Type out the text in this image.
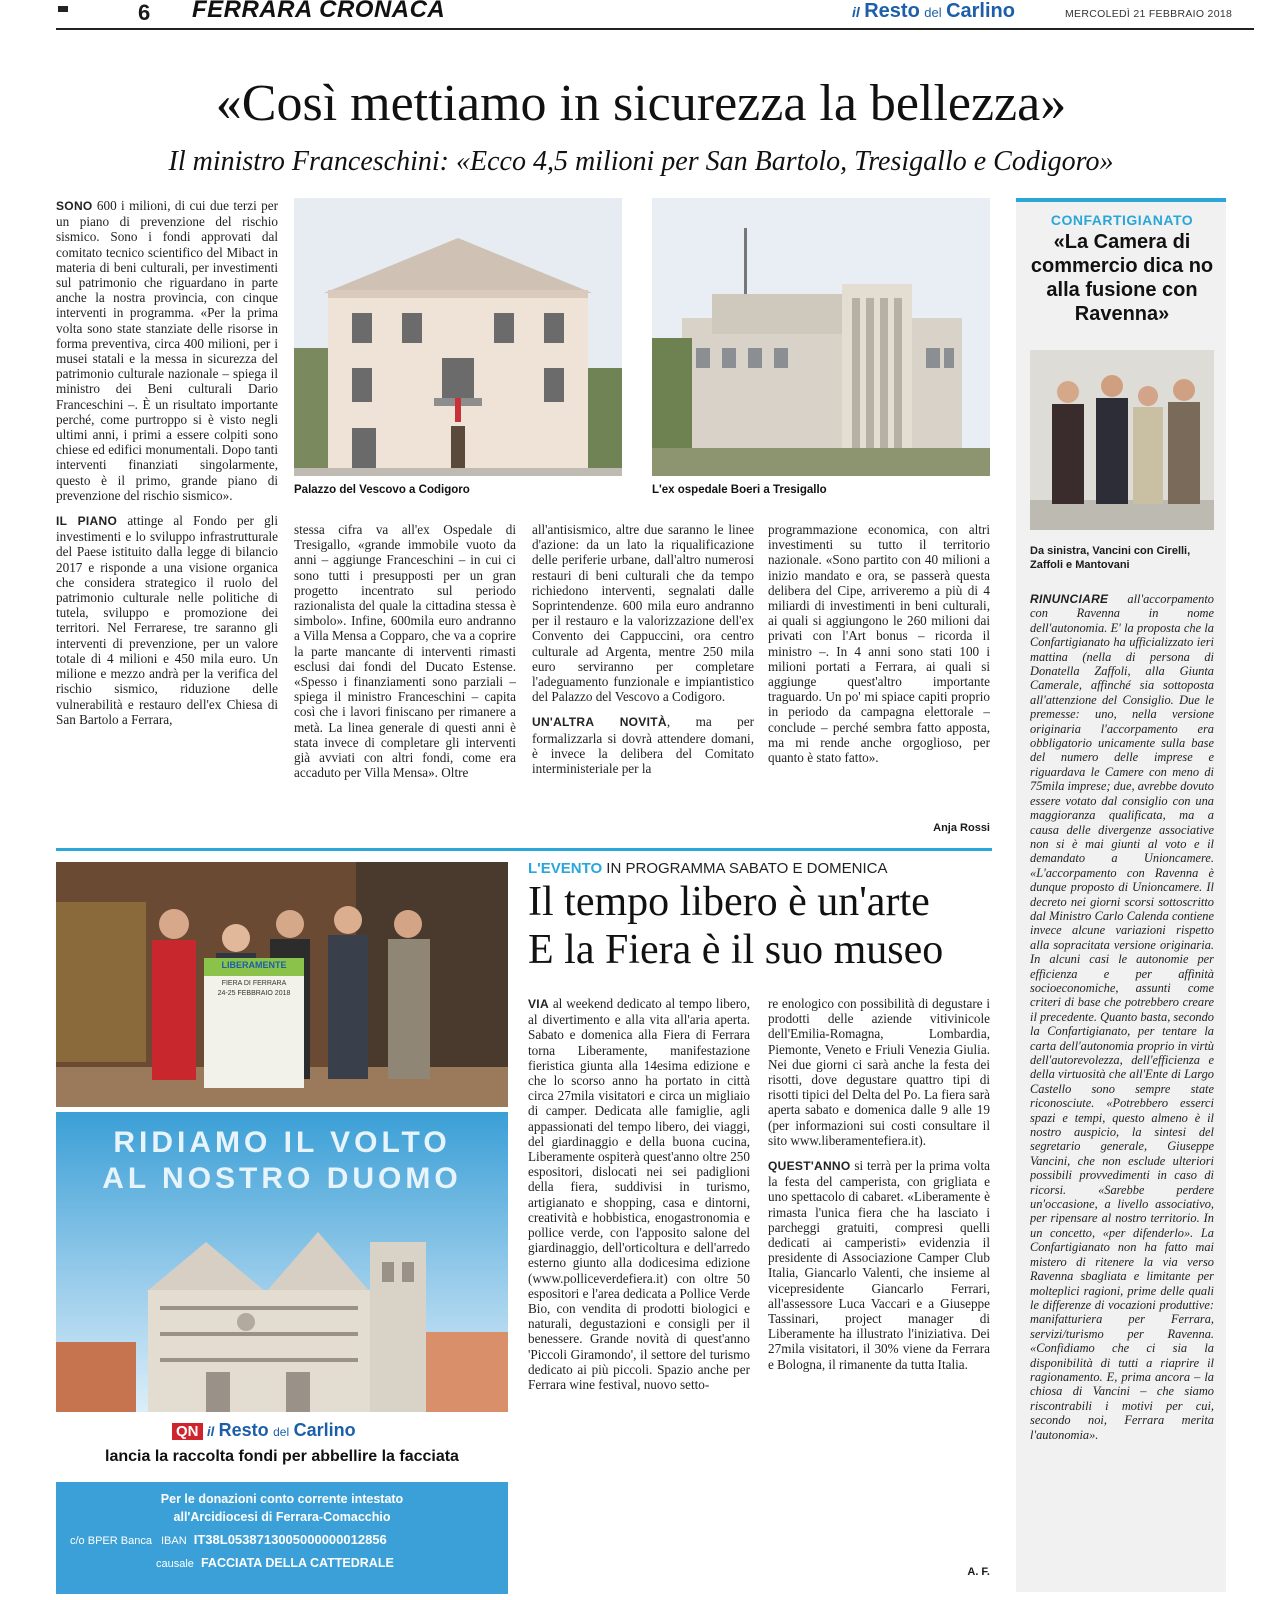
6 FERRARA CRONACA	il Resto del Carlino	MERCOLEDÌ 21 FEBBRAIO 2018
«Così mettiamo in sicurezza la bellezza»
Il ministro Franceschini: «Ecco 4,5 milioni per San Bartolo, Tresigallo e Codigoro»

SONO 600 i milioni, di cui due terzi per un piano di prevenzione del rischio sismico. Sono i fondi approvati dal comitato tecnico scientifico del Mibact in materia di beni culturali, per investimenti sul patrimonio che riguardano in parte anche la nostra provincia, con cinque interventi in programma. «Per la prima volta sono state stanziate delle risorse in forma preventiva, circa 400 milioni, per i musei statali e la messa in sicurezza del patrimonio culturale nazionale – spiega il ministro dei Beni culturali Dario Franceschini –. È un risultato importante perché, come purtroppo si è visto negli ultimi anni, i primi a essere colpiti sono chiese ed edifici monumentali. Dopo tanti interventi finanziati singolarmente, questo è il primo, grande piano di prevenzione del rischio sismico».

IL PIANO attinge al Fondo per gli investimenti e lo sviluppo infrastrutturale del Paese istituito dalla legge di bilancio 2017 e risponde a una visione organica che considera strategico il ruolo del patrimonio culturale nelle politiche di tutela, sviluppo e promozione dei territori. Nel Ferrarese, tre saranno gli interventi di prevenzione, per un valore totale di 4 milioni e 450 mila euro. Un milione e mezzo andrà per la verifica del rischio sismico, riduzione delle vulnerabilità e restauro dell'ex Chiesa di San Bartolo a Ferrara,

Palazzo del Vescovo a Codigoro	L'ex ospedale Boeri a Tresigallo

stessa cifra va all'ex Ospedale di Tresigallo, «grande immobile vuoto da anni – aggiunge Franceschini – in cui ci sono tutti i presupposti per un gran progetto incentrato sul periodo razionalista del quale la cittadina stessa è simbolo». Infine, 600mila euro andranno a Villa Mensa a Copparo, che va a coprire la parte mancante di interventi rimasti esclusi dai fondi del Ducato Estense. «Spesso i finanziamenti sono parziali – spiega il ministro Franceschini – capita così che i lavori finiscano per rimanere a metà. La linea generale di questi anni è stata invece di completare gli interventi già avviati con altri fondi, come era accaduto per Villa Mensa». Oltre

all'antisismico, altre due saranno le linee d'azione: da un lato la riqualificazione delle periferie urbane, dall'altro numerosi restauri di beni culturali che da tempo richiedono interventi, segnalati dalle Soprintendenze. 600 mila euro andranno per il restauro e la valorizzazione dell'ex Convento dei Cappuccini, ora centro culturale ad Argenta, mentre 250 mila euro serviranno per completare l'adeguamento funzionale e impiantistico del Palazzo del Vescovo a Codigoro.

UN'ALTRA NOVITÀ, ma per formalizzarla si dovrà attendere domani, è invece la delibera del Comitato interministeriale per la

programmazione economica, con altri investimenti su tutto il territorio nazionale. «Sono partito con 40 milioni a inizio mandato e ora, se passerà questa delibera del Cipe, arriveremo a più di 4 miliardi di investimenti in beni culturali, ai quali si aggiungono le 260 milioni dai privati con l'Art bonus – ricorda il ministro –. In 4 anni sono stati 100 i milioni portati a Ferrara, ai quali si aggiunge quest'altro importante traguardo. Un po' mi spiace capiti proprio in periodo da campagna elettorale – conclude – perché sembra fatto apposta, ma mi rende anche orgoglioso, per quanto è stato fatto».

Anja Rossi
CONFARTIGIANATO
«La Camera di commercio dica no alla fusione con Ravenna»
Da sinistra, Vancini con Cirelli, Zaffoli e Mantovani

RINUNCIARE all'accorpamento con Ravenna in nome dell'autonomia. E' la proposta che la Confartigianato ha ufficializzato ieri mattina (nella di persona di Donatella Zaffoli, alla Giunta Camerale, affinché sia sottoposta all'attenzione del Consiglio. Due le premesse: uno, nella versione originaria l'accorpamento era obbligatorio unicamente sulla base del numero delle imprese e riguardava le Camere con meno di 75mila imprese; due, avrebbe dovuto essere votato dal consiglio con una maggioranza qualificata, ma a causa delle divergenze associative non si è mai giunti al voto e il demandato a Unioncamere. «L'accorpamento con Ravenna è dunque proposto di Unioncamere. Il decreto nei giorni scorsi sottoscritto dal Ministro Carlo Calenda contiene invece alcune variazioni rispetto alla sopracitata versione originaria. In alcuni casi le autonomie per efficienza e per affinità socioeconomiche, assunti come criteri di base che potrebbero creare il precedente. Quanto basta, secondo la Confartigianato, per tentare la carta dell'autonomia proprio in virtù dell'autorevolezza, dell'efficienza e della virtuosità che all'Ente di Largo Castello sono sempre state riconosciute. «Potrebbero esserci spazi e tempi, questo almeno è il nostro auspicio, la sintesi del segretario generale, Giuseppe Vancini, che non esclude ulteriori possibili provvedimenti in caso di ricorsi. «Sarebbe perdere un'occasione, a livello associativo, per ripensare al nostro territorio. In un concetto, «per difenderlo». La Confartigianato non ha fatto mai mistero di ritenere la via verso Ravenna sbagliata e limitante per molteplici ragioni, prime delle quali le differenze di vocazioni produttive: manifatturiera per Ferrara, servizi/turismo per Ravenna. «Confidiamo che ci sia la disponibilità di tutti a riaprire il ragionamento. E, prima ancora – la chiosa di Vancini – che siamo riscontrabili i motivi per cui, secondo noi, Ferrara merita l'autonomia».

LIBERAMENTE
FIERA DI FERRARA
24-25 FEBBRAIO 2018
RIDIAMO IL VOLTO
AL NOSTRO DUOMO
QN il Resto del Carlino
lancia la raccolta fondi per abbellire la facciata
Per le donazioni conto corrente intestato
all'Arcidiocesi di Ferrara-Comacchio
c/o BPER Banca IBAN IT38L0538713005000000012856
causale FACCIATA DELLA CATTEDRALE
L'EVENTO IN PROGRAMMA SABATO E DOMENICA
Il tempo libero è un'arte
E la Fiera è il suo museo

VIA al weekend dedicato al tempo libero, al divertimento e alla vita all'aria aperta. Sabato e domenica alla Fiera di Ferrara torna Liberamente, manifestazione fieristica giunta alla 14esima edizione e che lo scorso anno ha portato in città circa 27mila visitatori e circa un migliaio di camper. Dedicata alle famiglie, agli appassionati del tempo libero, dei viaggi, del giardinaggio e della buona cucina, Liberamente ospiterà quest'anno oltre 250 espositori, dislocati nei sei padiglioni della fiera, suddivisi in turismo, artigianato e shopping, casa e dintorni, creatività e hobbistica, enogastronomia e pollice verde, con l'apposito salone del giardinaggio, dell'orticoltura e dell'arredo esterno giunto alla dodicesima edizione (www.polliceverdefiera.it) con oltre 50 espositori e l'area dedicata a Pollice Verde Bio, con vendita di prodotti biologici e naturali, degustazioni e consigli per il benessere. Grande novità di quest'anno 'Piccoli Giramondo', il settore del turismo dedicato ai più piccoli. Spazio anche per Ferrara wine festival, nuovo setto-

re enologico con possibilità di degustare i prodotti delle aziende vitivinicole dell'Emilia-Romagna, Lombardia, Piemonte, Veneto e Friuli Venezia Giulia. Nei due giorni ci sarà anche la festa dei risotti, dove degustare quattro tipi di risotti tipici del Delta del Po. La fiera sarà aperta sabato e domenica dalle 9 alle 19 (per informazioni sui costi consultare il sito www.liberamentefiera.it).

QUEST'ANNO si terrà per la prima volta la festa del camperista, con grigliata e uno spettacolo di cabaret. «Liberamente è rimasta l'unica fiera che ha lasciato i parcheggi gratuiti, compresi quelli dedicati ai camperisti» evidenzia il presidente di Associazione Camper Club Italia, Giancarlo Valenti, che insieme al vicepresidente Giancarlo Ferrari, all'assessore Luca Vaccari e a Giuseppe Tassinari, project manager di Liberamente ha illustrato l'iniziativa. Dei 27mila visitatori, il 30% viene da Ferrara e Bologna, il rimanente da tutta Italia.

A. F.
